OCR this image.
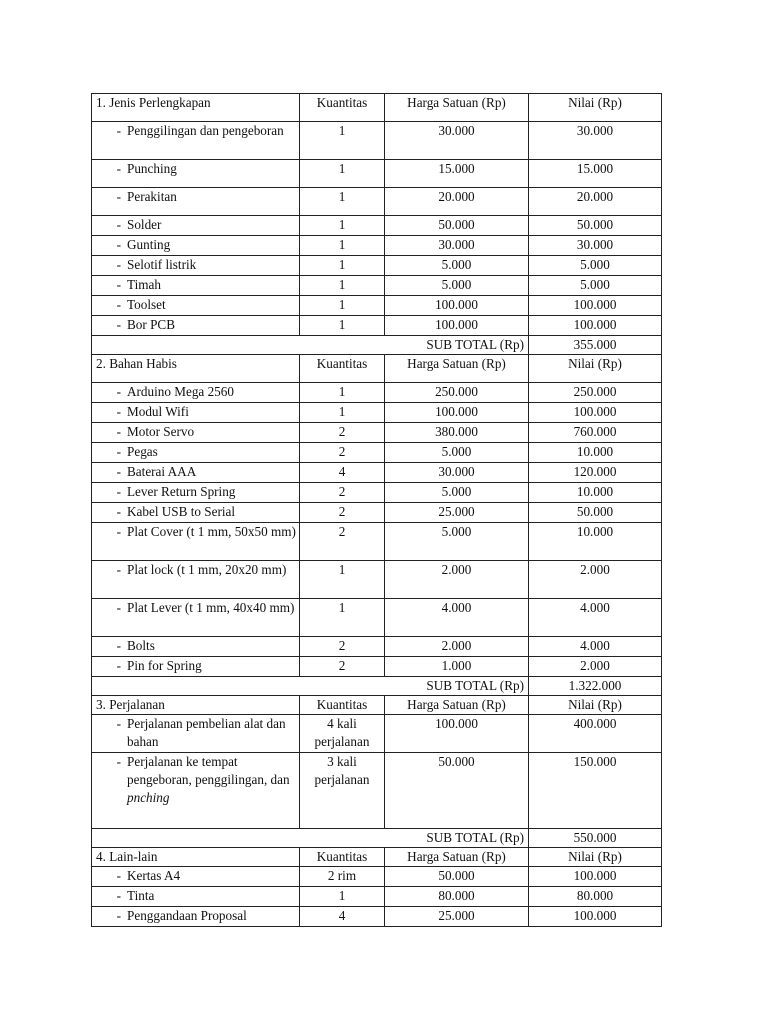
1. Jenis Perlengkapan	Kuantitas	Harga Satuan (Rp)	Nilai (Rp)

- Penggilingan dan pengeboran	1	30.000	30.000

- Punching	1	15.000	15.000

- Perakitan	1	20.000	20.000

- Solder	1	50.000	50.000

- Gunting	1	30.000	30.000

- Selotif listrik	1	5.000	5.000

- Timah	1	5.000	5.000

- Toolset	1	100.000	100.000

- Bor PCB	1	100.000	100.000
SUB TOTAL (Rp)			355.000
2. Bahan Habis	Kuantitas	Harga Satuan (Rp)	Nilai (Rp)

- Arduino Mega 2560	1	250.000	250.000

- Modul Wifi	1	100.000	100.000

- Motor Servo	2	380.000	760.000

- Pegas	2	5.000	10.000

- Baterai AAA	4	30.000	120.000

- Lever Return Spring	2	5.000	10.000

- Kabel USB to Serial	2	25.000	50.000

- Plat Cover (t 1 mm, 50x50 mm)	2	5.000	10.000

- Plat lock (t 1 mm, 20x20 mm)	1	2.000	2.000

- Plat Lever (t 1 mm, 40x40 mm)	1	4.000	4.000

- Bolts	2	2.000	4.000

- Pin for Spring	2	1.000	2.000
SUB TOTAL (Rp)			1.322.000
3. Perjalanan	Kuantitas	Harga Satuan (Rp)	Nilai (Rp)

- Perjalanan pembelian alat dan bahan	4 kali perjalanan	100.000	400.000

- Perjalanan ke tempat pengeboran, penggilingan, dan
pnching	3 kali perjalanan	50.000	150.000
SUB TOTAL (Rp)			550.000
4. Lain-lain	Kuantitas	Harga Satuan (Rp)	Nilai (Rp)

- Kertas A4	2 rim	50.000	100.000

- Tinta	1	80.000	80.000

- Penggandaan Proposal	4	25.000	100.000
